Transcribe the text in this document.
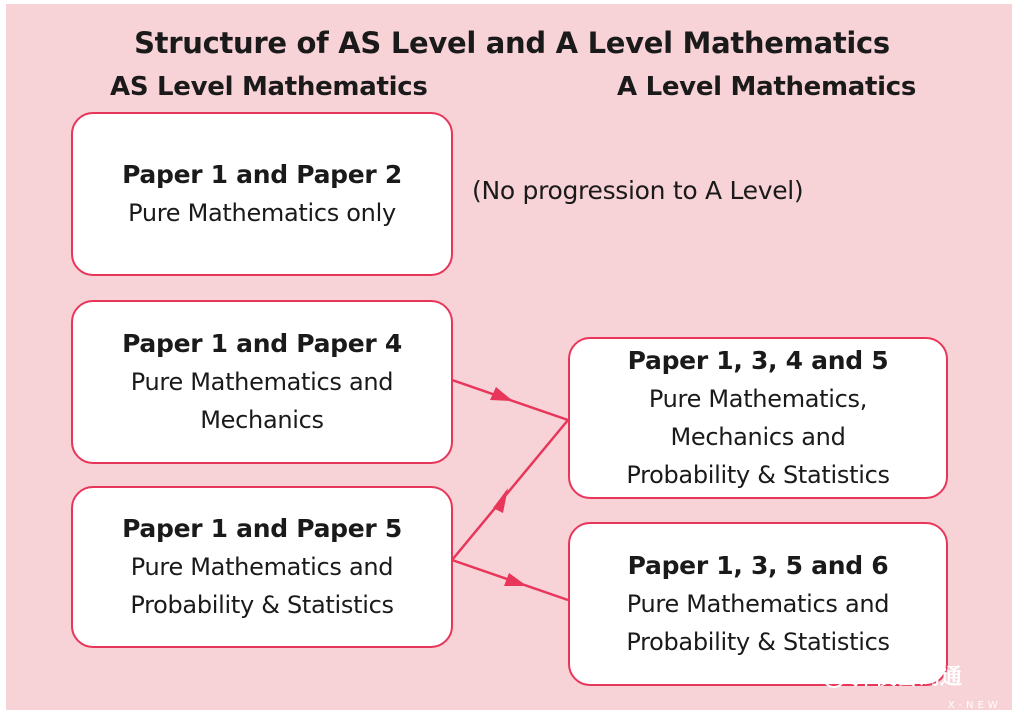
Structure of AS Level and A Level Mathematics
AS Level Mathematics	A Level Mathematics
Paper 1 and Paper 2
Pure Mathematics only
(No progression to A Level)
Paper 1 and Paper 4
Pure Mathematics and
Mechanics
Paper 1 and Paper 5
Pure Mathematics and
Probability & Statistics
Paper 1, 3, 4 and 5
Pure Mathematics,
Mechanics and
Probability & Statistics
Paper 1, 3, 5 and 6
Pure Mathematics and
Probability & Statistics
择校密码通
X-NEW
